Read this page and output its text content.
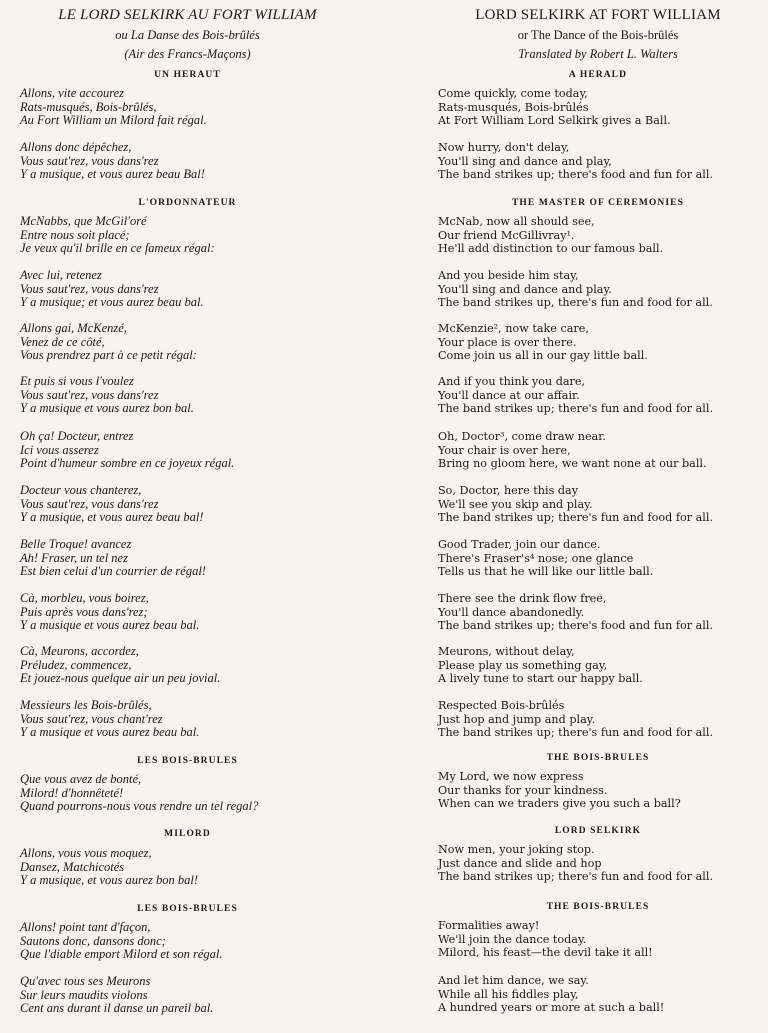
LE LORD SELKIRK AU FORT WILLIAM
ou La Danse des Bois-brûlés
(Air des Francs-Maçons)
UN HERAUT
Allons, vite accourez
Rats-musqués, Bois-brûlés,
Au Fort William un Milord fait régal.
Allons donc dépêchez,
Vous saut'rez, vous dans'rez
Y a musique, et vous aurez beau Bal!
L'ORDONNATEUR
McNabbs, que McGil'oré
Entre nous soit placé;
Je veux qu'il brille en ce fameux régal:
Avec lui, retenez
Vous saut'rez, vous dans'rez
Y a musique; et vous aurez beau bal.
Allons gai, McKenzé,
Venez de ce côté,
Vous prendrez part à ce petit régal:
Et puis si vous l'voulez
Vous saut'rez, vous dans'rez
Y a musique et vous aurez bon bal.
Oh ça! Docteur, entrez
Ici vous asserez
Point d'humeur sombre en ce joyeux régal.
Docteur vous chanterez,
Vous saut'rez, vous dans'rez
Y a musique, et vous aurez beau bal!
Belle Troque! avancez
Ah! Fraser, un tel nez
Est bien celui d'un courrier de régal!
Cà, morbleu, vous boirez,
Puis après vous dans'rez;
Y a musique et vous aurez beau bal.
Cà, Meurons, accordez,
Préludez, commencez,
Et jouez-nous quelque air un peu jovial.
Messieurs les Bois-brûlés,
Vous saut'rez, vous chant'rez
Y a musique et vous aurez beau bal.
LES BOIS-BRULES
Que vous avez de bonté,
Milord! d'honnêteté!
Quand pourrons-nous vous rendre un tel regal?
MILORD
Allons, vous vous moquez,
Dansez, Matchicotés
Y a musique, et vous aurez bon bal!
LES BOIS-BRULES
Allons! point tant d'façon,
Sautons donc, dansons donc;
Que l'diable emport Milord et son régal.
Qu'avec tous ses Meurons
Sur leurs maudits violons
Cent ans durant il danse un pareil bal.
LORD SELKIRK AT FORT WILLIAM
or The Dance of the Bois-brûlés
Translated by Robert L. Walters
A HERALD
Come quickly, come today,
Rats-musqués, Bois-brûlés
At Fort William Lord Selkirk gives a Ball.
Now hurry, don't delay,
You'll sing and dance and play,
The band strikes up; there's food and fun for all.
THE MASTER OF CEREMONIES
McNab, now all should see,
Our friend McGillivray¹.
He'll add distinction to our famous ball.
And you beside him stay,
You'll sing and dance and play.
The band strikes up, there's fun and food for all.
McKenzie², now take care,
Your place is over there.
Come join us all in our gay little ball.
And if you think you dare,
You'll dance at our affair.
The band strikes up; there's fun and food for all.
Oh, Doctor³, come draw near.
Your chair is over here,
Bring no gloom here, we want none at our ball.
So, Doctor, here this day
We'll see you skip and play.
The band strikes up; there's fun and food for all.
Good Trader, join our dance.
There's Fraser's⁴ nose; one glance
Tells us that he will like our little ball.
There see the drink flow free,
You'll dance abandonedly.
The band strikes up; there's food and fun for all.
Meurons, without delay,
Please play us something gay,
A lively tune to start our happy ball.
Respected Bois-brûlés
Just hop and jump and play.
The band strikes up; there's fun and food for all.
THE BOIS-BRULES
My Lord, we now express
Our thanks for your kindness.
When can we traders give you such a ball?
LORD SELKIRK
Now men, your joking stop.
Just dance and slide and hop
The band strikes up; there's fun and food for all.
THE BOIS-BRULES
Formalities away!
We'll join the dance today.
Milord, his feast—the devil take it all!
And let him dance, we say.
While all his fiddles play,
A hundred years or more at such a ball!
